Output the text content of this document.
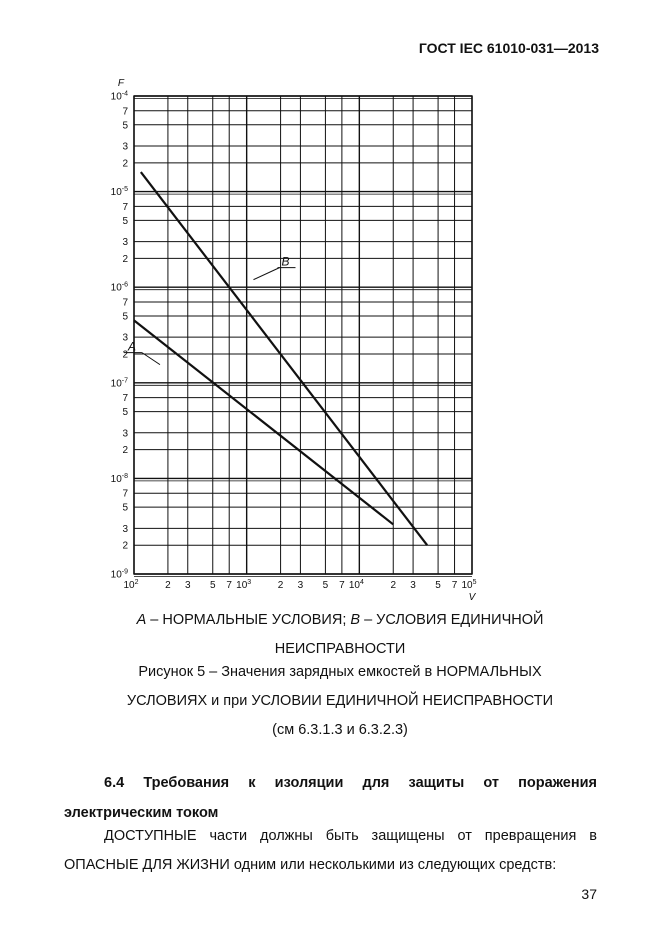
ГОСТ IEC 61010-031—2013
$10^2$	2 3 5 7 $10^3$	2 3 5 7 $10^4$	2 3 5 7 $10^5$
$10^{-9}$
2
3
5
7
$10^{-8}$
2
3
5
7
$10^{-7}$
2
3
5
7
$10^{-6}$
2
3
5
7
$10^{-5}$
2
3
5
7
$10^{-4}$
F
V
A
B
А – НОРМАЛЬНЫЕ УСЛОВИЯ; В – УСЛОВИЯ ЕДИНИЧНОЙ
НЕИСПРАВНОСТИ
Рисунок 5 – Значения зарядных емкостей в НОРМАЛЬНЫХ
УСЛОВИЯХ и при УСЛОВИИ ЕДИНИЧНОЙ НЕИСПРАВНОСТИ
(см 6.3.1.3 и 6.3.2.3)
6.4 Требования к изоляции для защиты от поражения электрическим током
ДОСТУПНЫЕ части должны быть защищены от превращения в ОПАСНЫЕ ДЛЯ ЖИЗНИ одним или несколькими из следующих средств:
37
